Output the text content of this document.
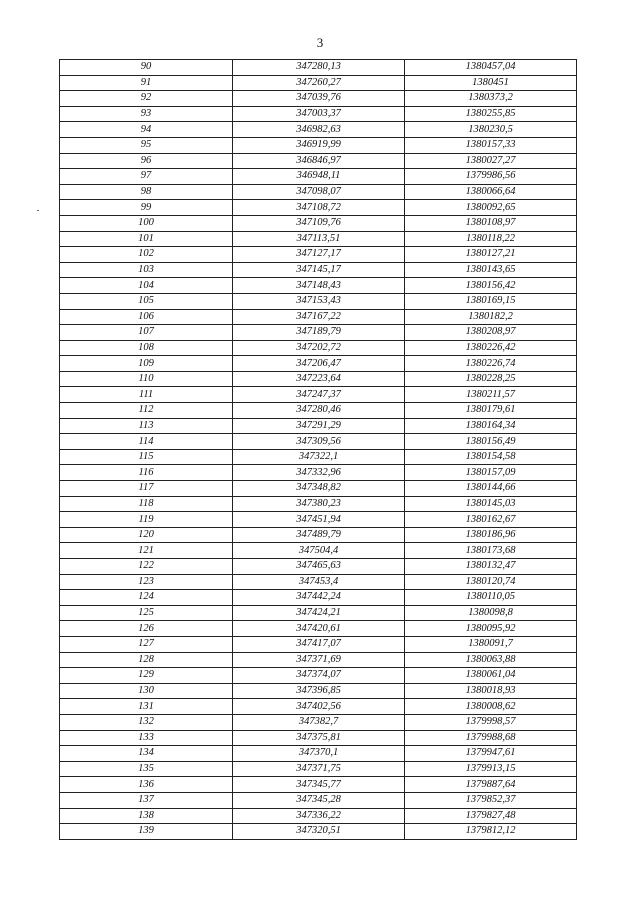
3
90	347280,13	1380457,04
91	347260,27	1380451
92	347039,76	1380373,2
93	347003,37	1380255,85
94	346982,63	1380230,5
95	346919,99	1380157,33
96	346846,97	1380027,27
97	346948,11	1379986,56
98	347098,07	1380066,64
99	347108,72	1380092,65
100	347109,76	1380108,97
101	347113,51	1380118,22
102	347127,17	1380127,21
103	347145,17	1380143,65
104	347148,43	1380156,42
105	347153,43	1380169,15
106	347167,22	1380182,2
107	347189,79	1380208,97
108	347202,72	1380226,42
109	347206,47	1380226,74
110	347223,64	1380228,25
111	347247,37	1380211,57
112	347280,46	1380179,61
113	347291,29	1380164,34
114	347309,56	1380156,49
115	347322,1	1380154,58
116	347332,96	1380157,09
117	347348,82	1380144,66
118	347380,23	1380145,03
119	347451,94	1380162,67
120	347489,79	1380186,96
121	347504,4	1380173,68
122	347465,63	1380132,47
123	347453,4	1380120,74
124	347442,24	1380110,05
125	347424,21	1380098,8
126	347420,61	1380095,92
127	347417,07	1380091,7
128	347371,69	1380063,88
129	347374,07	1380061,04
130	347396,85	1380018,93
131	347402,56	1380008,62
132	347382,7	1379998,57
133	347375,81	1379988,68
134	347370,1	1379947,61
135	347371,75	1379913,15
136	347345,77	1379887,64
137	347345,28	1379852,37
138	347336,22	1379827,48
139	347320,51	1379812,12
